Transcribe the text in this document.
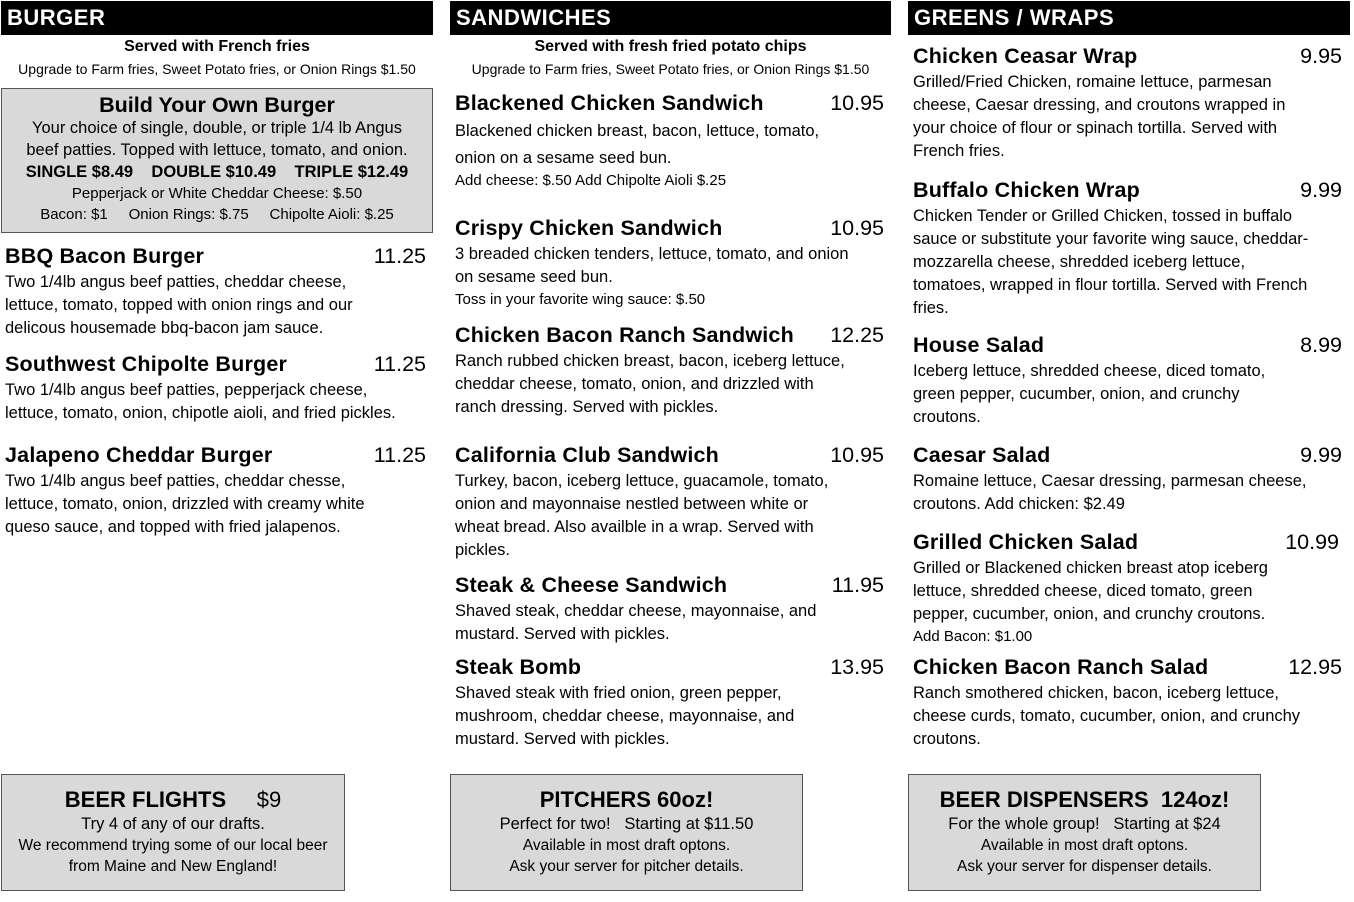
BURGER
Served with French fries
Upgrade to Farm fries, Sweet Potato fries, or Onion Rings $1.50
Build Your Own Burger
Your choice of single, double, or triple 1/4 lb Angus
beef patties. Topped with lettuce, tomato, and onion.
SINGLE $8.49 DOUBLE $10.49 TRIPLE $12.49
Pepperjack or White Cheddar Cheese: $.50
Bacon: $1 Onion Rings: $.75 Chipolte Aioli: $.25
BBQ Bacon Burger	11.25
Two 1/4lb angus beef patties, cheddar cheese,
lettuce, tomato, topped with onion rings and our
delicous housemade bbq-bacon jam sauce.
Southwest Chipolte Burger	11.25
Two 1/4lb angus beef patties, pepperjack cheese,
lettuce, tomato, onion, chipotle aioli, and fried pickles.
Jalapeno Cheddar Burger	11.25
Two 1/4lb angus beef patties, cheddar chesse,
lettuce, tomato, onion, drizzled with creamy white
queso sauce, and topped with fried jalapenos.
SANDWICHES
Served with fresh fried potato chips
Upgrade to Farm fries, Sweet Potato fries, or Onion Rings $1.50
Blackened Chicken Sandwich	10.95
Blackened chicken breast, bacon, lettuce, tomato,
onion on a sesame seed bun.
Add cheese: $.50 Add Chipolte Aioli $.25
Crispy Chicken Sandwich	10.95
3 breaded chicken tenders, lettuce, tomato, and onion
on sesame seed bun.
Toss in your favorite wing sauce: $.50
Chicken Bacon Ranch Sandwich 12.25
Ranch rubbed chicken breast, bacon, iceberg lettuce,
cheddar cheese, tomato, onion, and drizzled with
ranch dressing. Served with pickles.
California Club Sandwich	10.95
Turkey, bacon, iceberg lettuce, guacamole, tomato,
onion and mayonnaise nestled between white or
wheat bread. Also availble in a wrap. Served with
pickles.
Steak & Cheese Sandwich	11.95
Shaved steak, cheddar cheese, mayonnaise, and
mustard. Served with pickles.
Steak Bomb	13.95
Shaved steak with fried onion, green pepper,
mushroom, cheddar cheese, mayonnaise, and
mustard. Served with pickles.
GREENS / WRAPS
Chicken Ceasar Wrap	9.95
Grilled/Fried Chicken, romaine lettuce, parmesan
cheese, Caesar dressing, and croutons wrapped in
your choice of flour or spinach tortilla. Served with
French fries.
Buffalo Chicken Wrap	9.99
Chicken Tender or Grilled Chicken, tossed in buffalo
sauce or substitute your favorite wing sauce, cheddar-
mozzarella cheese, shredded iceberg lettuce,
tomatoes, wrapped in flour tortilla. Served with French
fries.
House Salad	8.99
Iceberg lettuce, shredded cheese, diced tomato,
green pepper, cucumber, onion, and crunchy
croutons.
Caesar Salad	9.99
Romaine lettuce, Caesar dressing, parmesan cheese,
croutons. Add chicken: $2.49
Grilled Chicken Salad	10.99
Grilled or Blackened chicken breast atop iceberg
lettuce, shredded cheese, diced tomato, green
pepper, cucumber, onion, and crunchy croutons.
Add Bacon: $1.00
Chicken Bacon Ranch Salad	12.95
Ranch smothered chicken, bacon, iceberg lettuce,
cheese curds, tomato, cucumber, onion, and crunchy
croutons.
BEER FLIGHTS $9
Try 4 of any of our drafts.
We recommend trying some of our local beer
from Maine and New England!
PITCHERS 60oz!
Perfect for two!   Starting at $11.50
Available in most draft optons.
Ask your server for pitcher details.
BEER DISPENSERS  124oz!
For the whole group!   Starting at $24
Available in most draft optons.
Ask your server for dispenser details.
